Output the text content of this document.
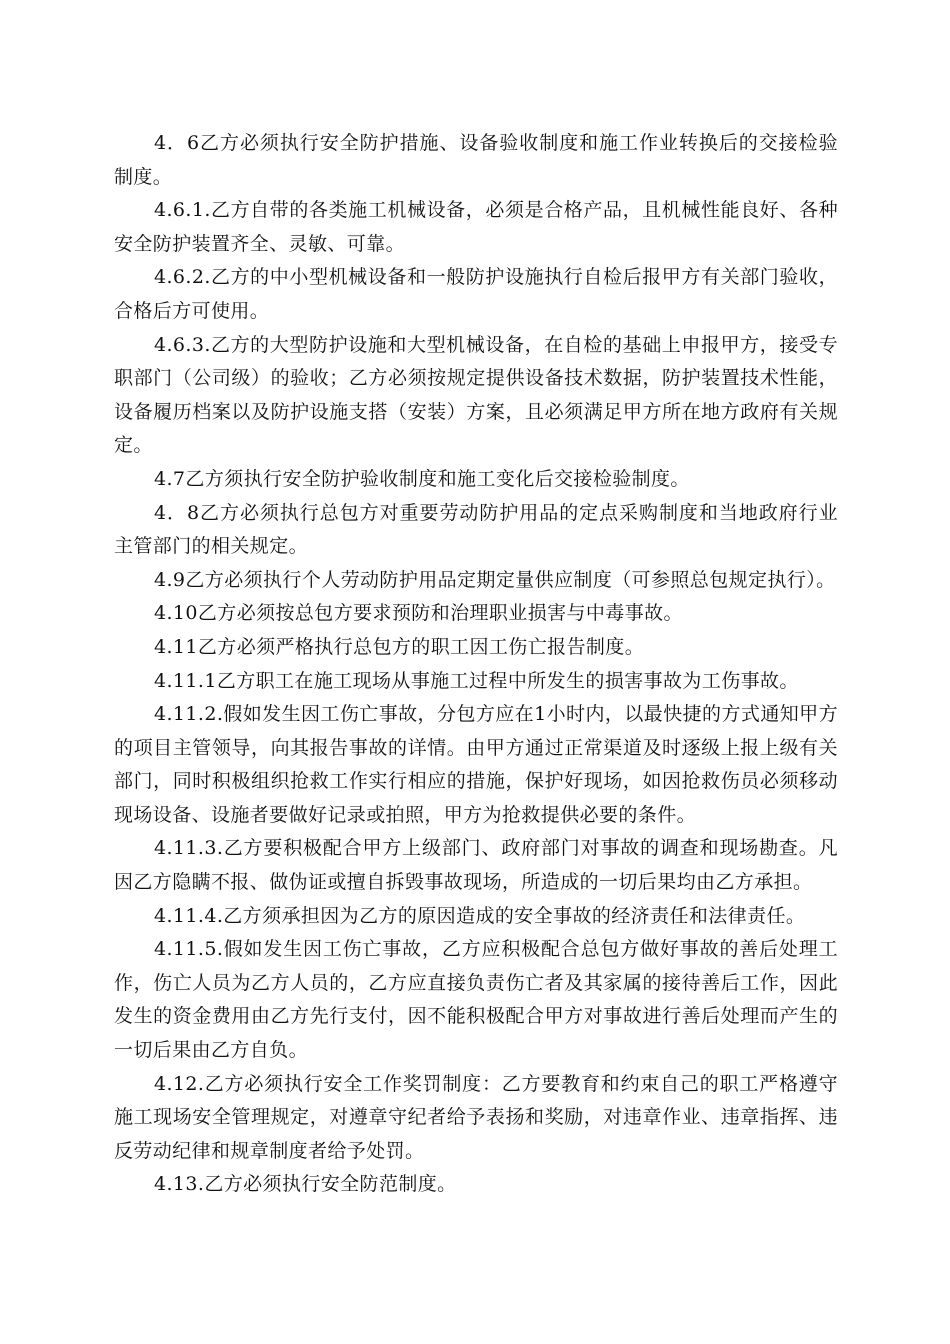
4．6乙方必须执行安全防护措施、设备验收制度和施工作业转换后的交接检验制度。

4.6.1.乙方自带的各类施工机械设备，必须是合格产品，且机械性能良好、各种安全防护装置齐全、灵敏、可靠。

4.6.2.乙方的中小型机械设备和一般防护设施执行自检后报甲方有关部门验收，合格后方可使用。

4.6.3.乙方的大型防护设施和大型机械设备，在自检的基础上申报甲方，接受专职部门（公司级）的验收；乙方必须按规定提供设备技术数据，防护装置技术性能，设备履历档案以及防护设施支搭（安装）方案，且必须满足甲方所在地方政府有关规定。

4.7乙方须执行安全防护验收制度和施工变化后交接检验制度。

4．8乙方必须执行总包方对重要劳动防护用品的定点采购制度和当地政府行业主管部门的相关规定。

4.9乙方必须执行个人劳动防护用品定期定量供应制度（可参照总包规定执行）。

4.10乙方必须按总包方要求预防和治理职业损害与中毒事故。

4.11乙方必须严格执行总包方的职工因工伤亡报告制度。

4.11.1乙方职工在施工现场从事施工过程中所发生的损害事故为工伤事故。

4.11.2.假如发生因工伤亡事故，分包方应在1小时内，以最快捷的方式通知甲方的项目主管领导，向其报告事故的详情。由甲方通过正常渠道及时逐级上报上级有关部门，同时积极组织抢救工作实行相应的措施，保护好现场，如因抢救伤员必须移动现场设备、设施者要做好记录或拍照，甲方为抢救提供必要的条件。

4.11.3.乙方要积极配合甲方上级部门、政府部门对事故的调查和现场勘查。凡因乙方隐瞒不报、做伪证或擅自拆毁事故现场，所造成的一切后果均由乙方承担。

4.11.4.乙方须承担因为乙方的原因造成的安全事故的经济责任和法律责任。

4.11.5.假如发生因工伤亡事故，乙方应积极配合总包方做好事故的善后处理工作，伤亡人员为乙方人员的，乙方应直接负责伤亡者及其家属的接待善后工作，因此发生的资金费用由乙方先行支付，因不能积极配合甲方对事故进行善后处理而产生的一切后果由乙方自负。

4.12.乙方必须执行安全工作奖罚制度：乙方要教育和约束自己的职工严格遵守施工现场安全管理规定，对遵章守纪者给予表扬和奖励，对违章作业、违章指挥、违反劳动纪律和规章制度者给予处罚。

4.13.乙方必须执行安全防范制度。
